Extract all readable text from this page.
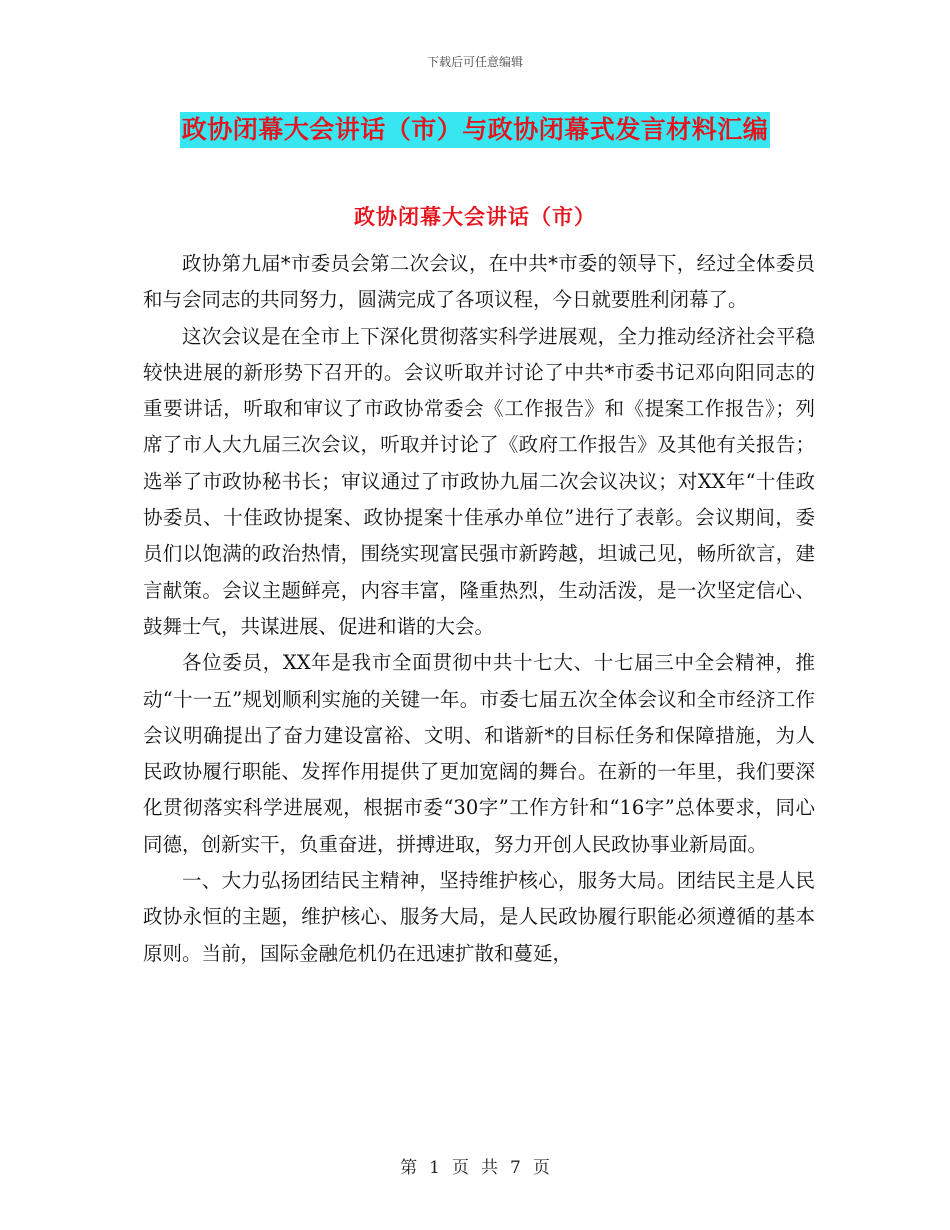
下载后可任意编辑
政协闭幕大会讲话（市）与政协闭幕式发言材料汇编
政协闭幕大会讲话（市）

政协第九届*市委员会第二次会议，在中共*市委的领导下，经过全体委员和与会同志的共同努力，圆满完成了各项议程，今日就要胜利闭幕了。

这次会议是在全市上下深化贯彻落实科学进展观，全力推动经济社会平稳较快进展的新形势下召开的。会议听取并讨论了中共*市委书记邓向阳同志的重要讲话，听取和审议了市政协常委会《工作报告》和《提案工作报告》；列席了市人大九届三次会议，听取并讨论了《政府工作报告》及其他有关报告；选举了市政协秘书长；审议通过了市政协九届二次会议决议；对XX年“十佳政协委员、十佳政协提案、政协提案十佳承办单位”进行了表彰。会议期间，委员们以饱满的政治热情，围绕实现富民强市新跨越，坦诚己见，畅所欲言，建言献策。会议主题鲜亮，内容丰富，隆重热烈，生动活泼，是一次坚定信心、鼓舞士气，共谋进展、促进和谐的大会。

各位委员，XX年是我市全面贯彻中共十七大、十七届三中全会精神，推动“十一五”规划顺利实施的关键一年。市委七届五次全体会议和全市经济工作会议明确提出了奋力建设富裕、文明、和谐新*的目标任务和保障措施，为人民政协履行职能、发挥作用提供了更加宽阔的舞台。在新的一年里，我们要深化贯彻落实科学进展观，根据市委“30字”工作方针和“16字”总体要求，同心同德，创新实干，负重奋进，拼搏进取，努力开创人民政协事业新局面。

一、大力弘扬团结民主精神，坚持维护核心，服务大局。团结民主是人民政协永恒的主题，维护核心、服务大局，是人民政协履行职能必须遵循的基本原则。当前，国际金融危机仍在迅速扩散和蔓延，

第 1 页 共 7 页
